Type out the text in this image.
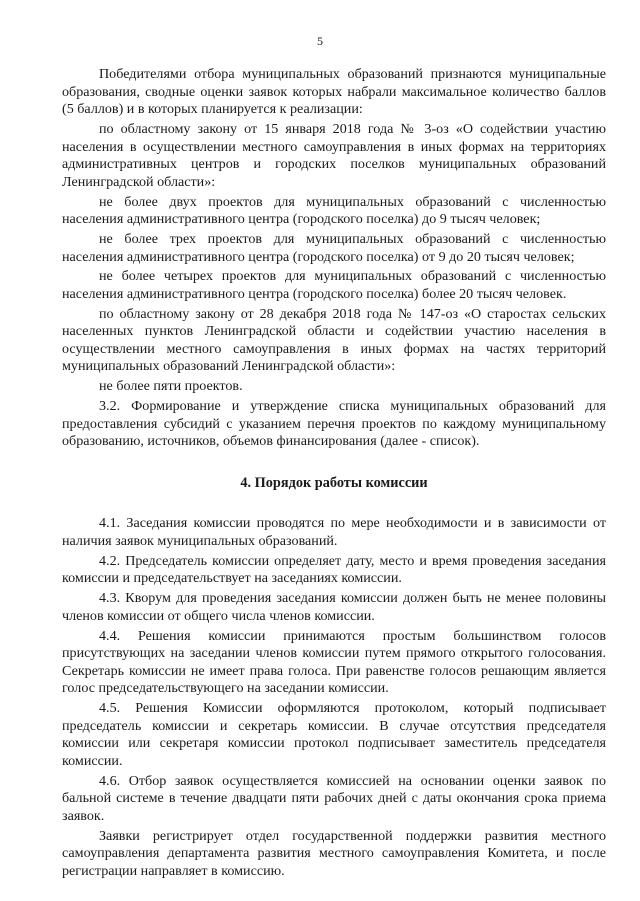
5

Победителями отбора муниципальных образований признаются муниципальные образования, сводные оценки заявок которых набрали максимальное количество баллов (5 баллов) и в которых планируется к реализации:

по областному закону от 15 января 2018 года № 3-оз «О содействии участию населения в осуществлении местного самоуправления в иных формах на территориях административных центров и городских поселков муниципальных образований Ленинградской области»:

не более двух проектов для муниципальных образований с численностью населения административного центра (городского поселка) до 9 тысяч человек;

не более трех проектов для муниципальных образований с численностью населения административного центра (городского поселка) от 9 до 20 тысяч человек;

не более четырех проектов для муниципальных образований с численностью населения административного центра (городского поселка) более 20 тысяч человек.

по областному закону от 28 декабря 2018 года № 147-оз «О старостах сельских населенных пунктов Ленинградской области и содействии участию населения в осуществлении местного самоуправления в иных формах на частях территорий муниципальных образований Ленинградской области»:

не более пяти проектов.

3.2. Формирование и утверждение списка муниципальных образований для предоставления субсидий с указанием перечня проектов по каждому муниципальному образованию, источников, объемов финансирования (далее - список).

4. Порядок работы комиссии

4.1. Заседания комиссии проводятся по мере необходимости и в зависимости от наличия заявок муниципальных образований.

4.2. Председатель комиссии определяет дату, место и время проведения заседания комиссии и председательствует на заседаниях комиссии.

4.3. Кворум для проведения заседания комиссии должен быть не менее половины членов комиссии от общего числа членов комиссии.

4.4. Решения комиссии принимаются простым большинством голосов присутствующих на заседании членов комиссии путем прямого открытого голосования. Секретарь комиссии не имеет права голоса. При равенстве голосов решающим является голос председательствующего на заседании комиссии.

4.5. Решения Комиссии оформляются протоколом, который подписывает председатель комиссии и секретарь комиссии. В случае отсутствия председателя комиссии или секретаря комиссии протокол подписывает заместитель председателя комиссии.

4.6. Отбор заявок осуществляется комиссией на основании оценки заявок по бальной системе в течение двадцати пяти рабочих дней с даты окончания срока приема заявок.

Заявки регистрирует отдел государственной поддержки развития местного самоуправления департамента развития местного самоуправления Комитета, и после регистрации направляет в комиссию.
